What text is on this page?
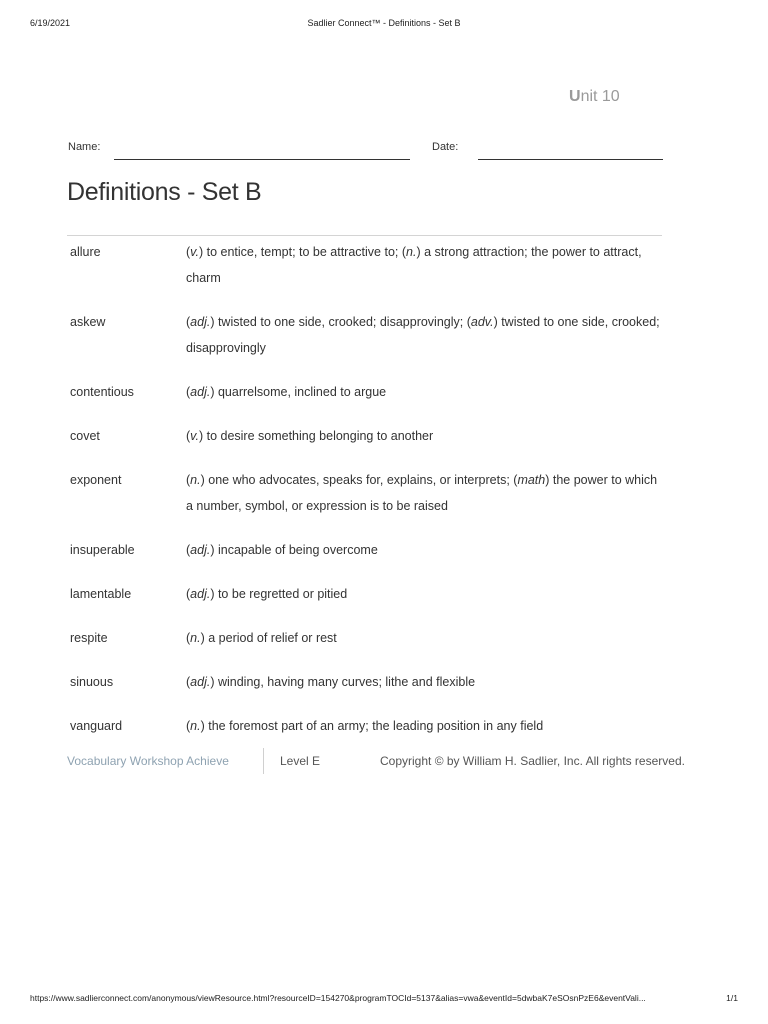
6/19/2021	Sadlier Connect™ - Definitions - Set B
Unit 10
Name:	Date:
Definitions - Set B
allure	(v.) to entice, tempt; to be attractive to; (n.) a strong attraction; the power to attract, charm
askew	(adj.) twisted to one side, crooked; disapprovingly; (adv.) twisted to one side, crooked; disapprovingly
contentious	(adj.) quarrelsome, inclined to argue
covet	(v.) to desire something belonging to another
exponent	(n.) one who advocates, speaks for, explains, or interprets; (math) the power to which a number, symbol, or expression is to be raised
insuperable	(adj.) incapable of being overcome
lamentable	(adj.) to be regretted or pitied
respite	(n.) a period of relief or rest
sinuous	(adj.) winding, having many curves; lithe and flexible
vanguard	(n.) the foremost part of an army; the leading position in any field
Vocabulary Workshop Achieve	Level E	Copyright © by William H. Sadlier, Inc. All rights reserved.
https://www.sadlierconnect.com/anonymous/viewResource.html?resourceID=154270&programTOCId=5137&alias=vwa&eventId=5dwbaK7eSOsnPzE6&eventVali...	1/1
